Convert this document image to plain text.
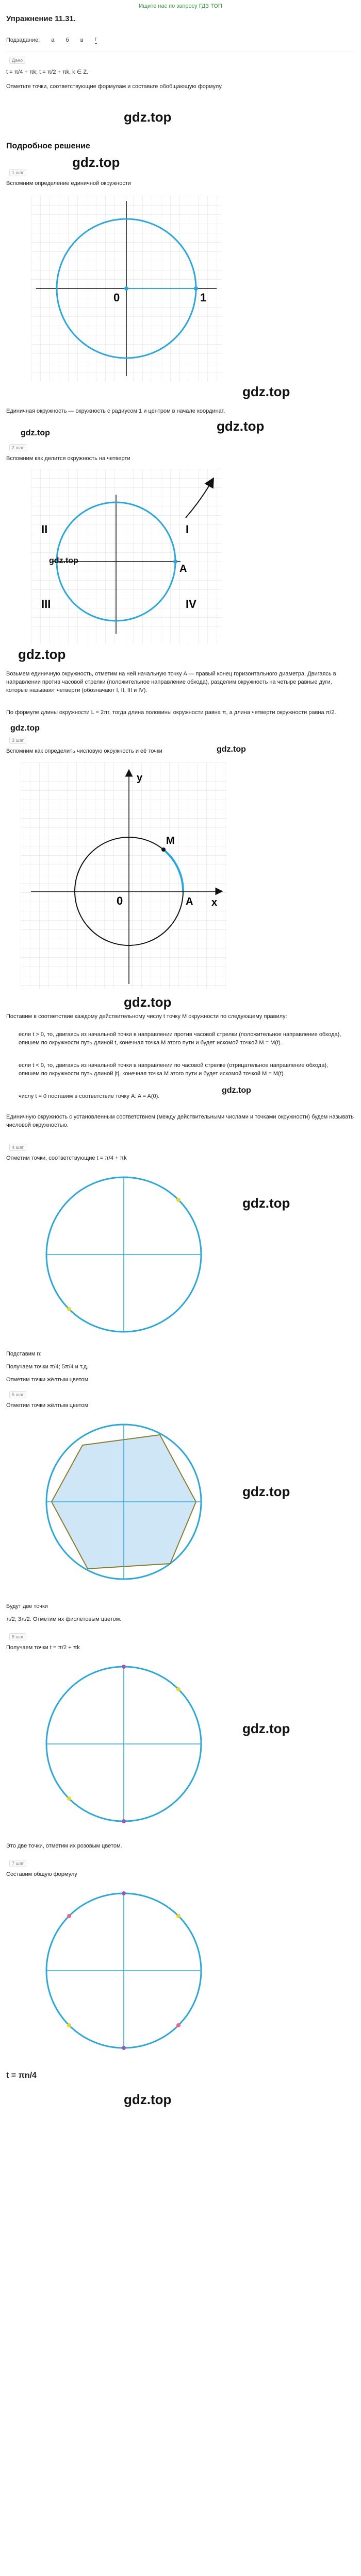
Ищите нас по запросу ГДЗ ТОП
Упражнение 11.31.
Подзадание: а б в г
Дано
t = π/4 + πk; t = π/2 + πk, k ∈ Z.
Отметьте точки, соответствующие формулам и составьте обобщающую формулу.
gdz.top
Подробное решение
gdz.top
1 шаг
Вспомним определение единичной окружности
0	1
gdz.top
Единичная окружность — окружность с радиусом 1 и центром в начале координат.
gdz.top
gdz.top
2 шаг
Вспомним как делится окружность на четверти
I
II
III	IV
A
gdz.top
gdz.top
Возьмем единичную окружность, отметим на ней начальную точку A — правый конец горизонтального диаметра. Двигаясь в направлении против часовой стрелки (положительное направление обхода), разделим окружность на четыре равные дуги, которые называют четверти (обозначают I, II, III и IV).
По формуле длины окружности L = 2πr, тогда длина половины окружности равна π, а длина четверти окружности равна π/2.
gdz.top
3 шаг
Вспомним как определить числовую окружность и её точки	gdz.top
y
x
M
0	A
gdz.top
Поставим в соответствие каждому действительному числу t точку M окружности по следующему правилу:
если t > 0, то, двигаясь из начальной точки в направлении против часовой стрелки (положительное направление обхода), опишем по окружности путь длиной t, конечная точка M этого пути и будет искомой точкой M = M(t).
если t < 0, то, двигаясь из начальной точки в направлении по часовой стрелке (отрицательное направление обхода), опишем по окружности путь длиной |t|, конечная точка M этого пути и будет искомой точкой M = M(t).
числу t = 0 поставим в соответствие точку A: A = A(0).
gdz.top
Единичную окружность с установленным соответствием (между действительными числами и точками окружности) будем называть числовой окружностью.
4 шаг
Отметим точки, соответствующие t = π/4 + πk
gdz.top
Подставим n:
Получаем точки π/4; 5π/4 и т.д.
Отметим точки жёлтым цветом.
5 шаг
Отметим точки жёлтым цветом
gdz.top
Будут две точки
π/2; 3π/2. Отметим их фиолетовым цветом.
6 шаг
Получаем точки t = π/2 + πk
gdz.top
Это две точки, отметим их розовым цветом.
7 шаг
Составим общую формулу
t = πn/4
gdz.top
